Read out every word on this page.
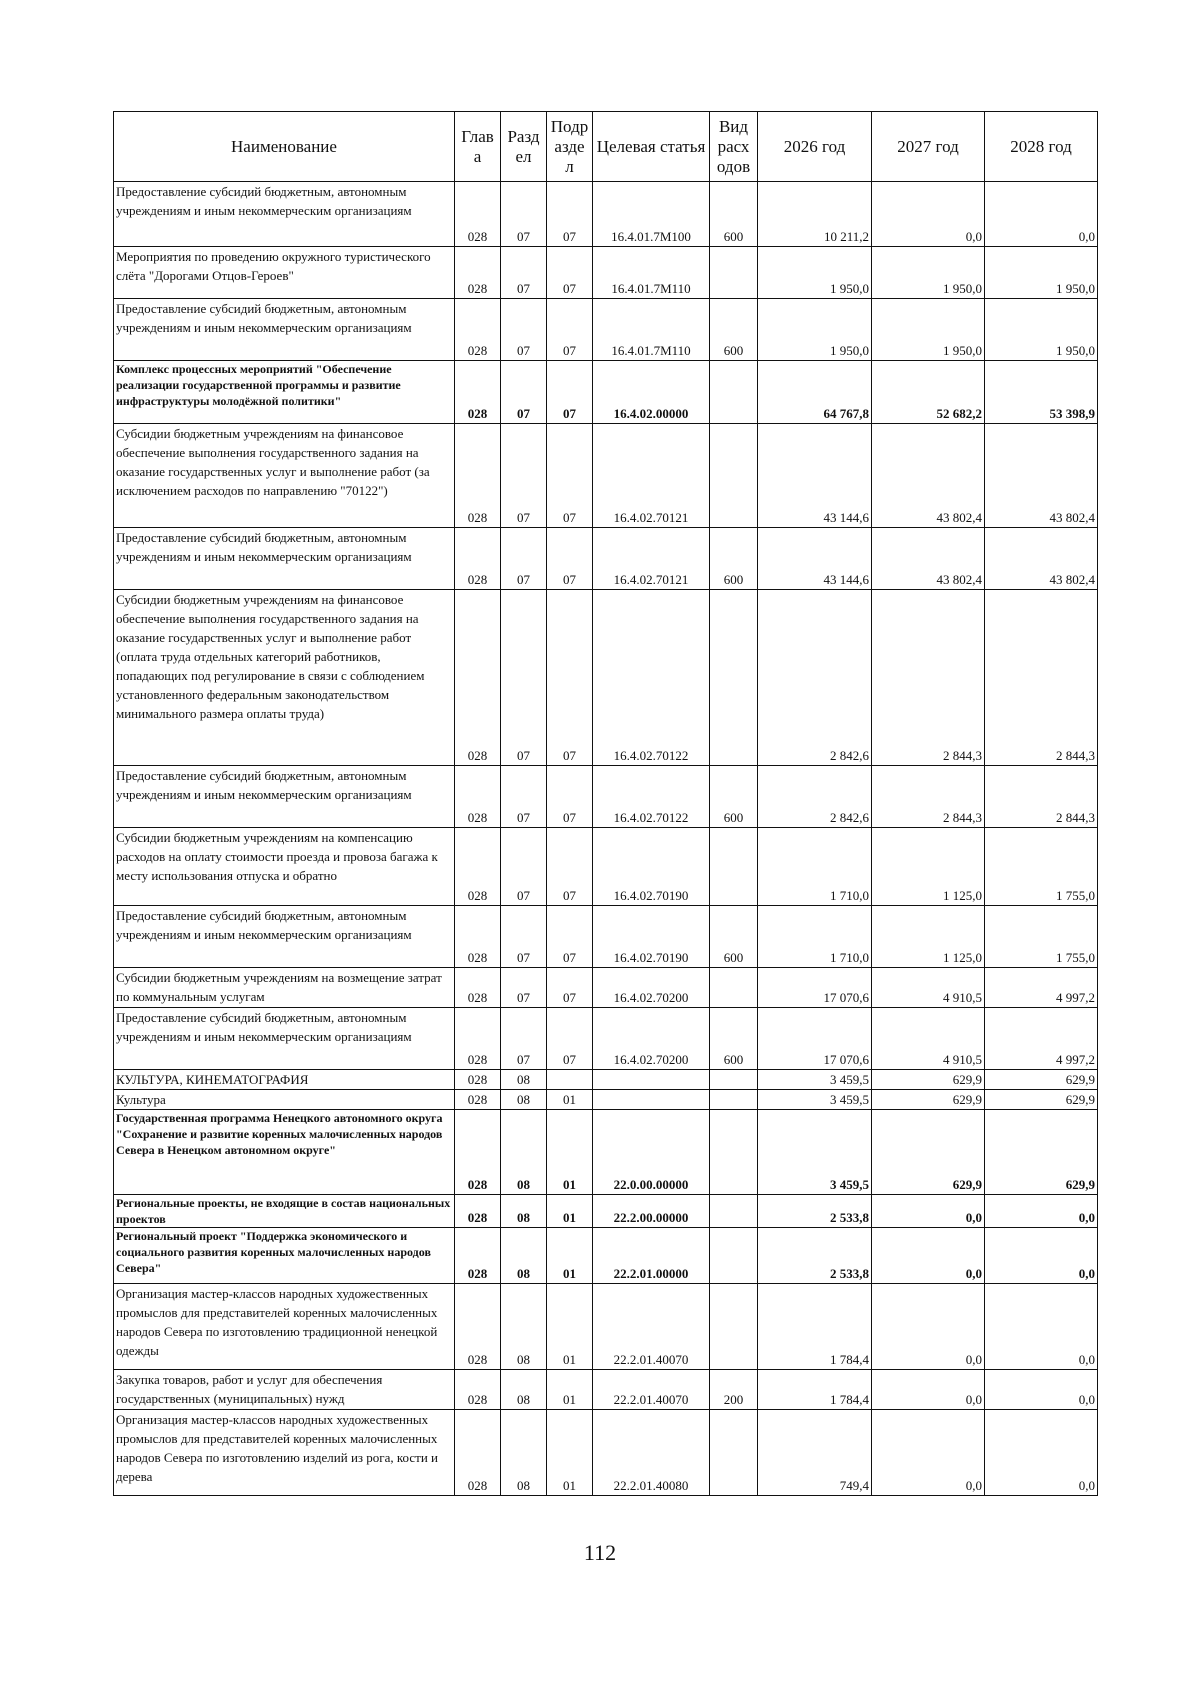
Наименование	Глав а	Разд ел	Подр азде л	Целевая статья	Вид расх одов	2026 год	2027 год	2028 год
Предоставление субсидий бюджетным, автономным учреждениям и иным некоммерческим организациям	028	07	07	16.4.01.7М100	600	10 211,2	0,0	0,0
Мероприятия по проведению окружного туристического слёта "Дорогами Отцов-Героев"	028	07	07	16.4.01.7М110		1 950,0	1 950,0	1 950,0
Предоставление субсидий бюджетным, автономным учреждениям и иным некоммерческим организациям	028	07	07	16.4.01.7М110	600	1 950,0	1 950,0	1 950,0
Комплекс процессных мероприятий "Обеспечение реализации государственной программы и развитие инфраструктуры молодёжной политики"	028	07	07	16.4.02.00000		64 767,8	52 682,2	53 398,9
Субсидии бюджетным учреждениям на финансовое обеспечение выполнения государственного задания на оказание государственных услуг и выполнение работ (за исключением расходов по направлению "70122")	028	07	07	16.4.02.70121		43 144,6	43 802,4	43 802,4
Предоставление субсидий бюджетным, автономным учреждениям и иным некоммерческим организациям	028	07	07	16.4.02.70121	600	43 144,6	43 802,4	43 802,4
Субсидии бюджетным учреждениям на финансовое обеспечение выполнения государственного задания на оказание государственных услуг и выполнение работ (оплата труда отдельных категорий работников, попадающих под регулирование в связи с соблюдением установленного федеральным законодательством минимального размера оплаты труда)	028	07	07	16.4.02.70122		2 842,6	2 844,3	2 844,3
Предоставление субсидий бюджетным, автономным учреждениям и иным некоммерческим организациям	028	07	07	16.4.02.70122	600	2 842,6	2 844,3	2 844,3
Субсидии бюджетным учреждениям на компенсацию расходов на оплату стоимости проезда и провоза багажа к месту использования отпуска и обратно	028	07	07	16.4.02.70190		1 710,0	1 125,0	1 755,0
Предоставление субсидий бюджетным, автономным учреждениям и иным некоммерческим организациям	028	07	07	16.4.02.70190	600	1 710,0	1 125,0	1 755,0
Субсидии бюджетным учреждениям на возмещение затрат по коммунальным услугам	028	07	07	16.4.02.70200		17 070,6	4 910,5	4 997,2
Предоставление субсидий бюджетным, автономным учреждениям и иным некоммерческим организациям	028	07	07	16.4.02.70200	600	17 070,6	4 910,5	4 997,2
КУЛЬТУРА, КИНЕМАТОГРАФИЯ	028	08				3 459,5	629,9	629,9
Культура	028	08	01			3 459,5	629,9	629,9
Государственная программа Ненецкого автономного округа "Сохранение и развитие коренных малочисленных народов Севера в Ненецком автономном округе"	028	08	01	22.0.00.00000		3 459,5	629,9	629,9
Региональные проекты, не входящие в состав национальных проектов	028	08	01	22.2.00.00000		2 533,8	0,0	0,0
Региональный проект "Поддержка экономического и социального развития коренных малочисленных народов Севера"	028	08	01	22.2.01.00000		2 533,8	0,0	0,0
Организация мастер-классов народных художественных промыслов для представителей коренных малочисленных народов Севера по изготовлению традиционной ненецкой одежды	028	08	01	22.2.01.40070		1 784,4	0,0	0,0
Закупка товаров, работ и услуг для обеспечения государственных (муниципальных) нужд	028	08	01	22.2.01.40070	200	1 784,4	0,0	0,0
Организация мастер-классов народных художественных промыслов для представителей коренных малочисленных народов Севера по изготовлению изделий из рога, кости и дерева	028	08	01	22.2.01.40080		749,4	0,0	0,0
112
